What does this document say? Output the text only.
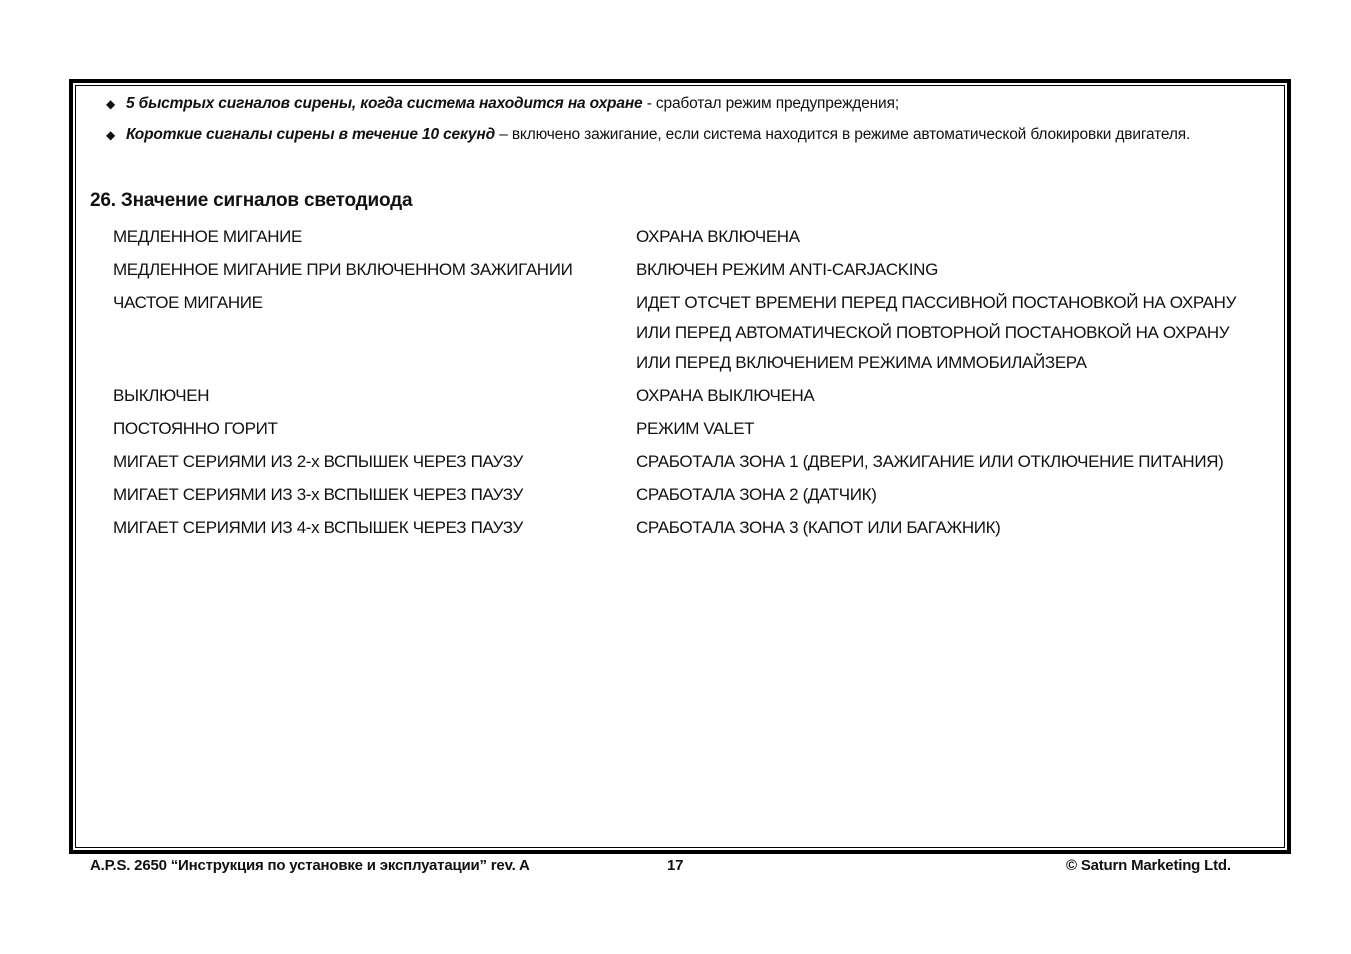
◆ 5 быстрых сигналов сирены, когда система находится на охране - сработал режим предупреждения;
◆ Короткие сигналы сирены в течение 10 секунд – включено зажигание, если система находится в режиме автоматической блокировки двигателя.
26. Значение сигналов светодиода
МЕДЛЕННОЕ МИГАНИЕ	ОХРАНА ВКЛЮЧЕНА
МЕДЛЕННОЕ МИГАНИЕ ПРИ ВКЛЮЧЕННОМ ЗАЖИГАНИИ	ВКЛЮЧЕН РЕЖИМ ANTI-CARJACKING
ЧАСТОЕ МИГАНИЕ	ИДЕТ ОТСЧЕТ ВРЕМЕНИ ПЕРЕД ПАССИВНОЙ ПОСТАНОВКОЙ НА ОХРАНУ
ИЛИ ПЕРЕД АВТОМАТИЧЕСКОЙ ПОВТОРНОЙ ПОСТАНОВКОЙ НА ОХРАНУ
ИЛИ ПЕРЕД ВКЛЮЧЕНИЕМ РЕЖИМА ИММОБИЛАЙЗЕРА
ВЫКЛЮЧЕН	ОХРАНА ВЫКЛЮЧЕНА
ПОСТОЯННО ГОРИТ	РЕЖИМ VALET
МИГАЕТ СЕРИЯМИ ИЗ 2-х ВСПЫШЕК ЧЕРЕЗ ПАУЗУ	СРАБОТАЛА ЗОНА 1 (ДВЕРИ, ЗАЖИГАНИЕ ИЛИ ОТКЛЮЧЕНИЕ ПИТАНИЯ)
МИГАЕТ СЕРИЯМИ ИЗ 3-х ВСПЫШЕК ЧЕРЕЗ ПАУЗУ	СРАБОТАЛА ЗОНА 2 (ДАТЧИК)
МИГАЕТ СЕРИЯМИ ИЗ 4-х ВСПЫШЕК ЧЕРЕЗ ПАУЗУ	СРАБОТАЛА ЗОНА 3 (КАПОТ ИЛИ БАГАЖНИК)
A.P.S. 2650 “Инструкция по установке и эксплуатации” rev. A	17	© Saturn Marketing Ltd.
